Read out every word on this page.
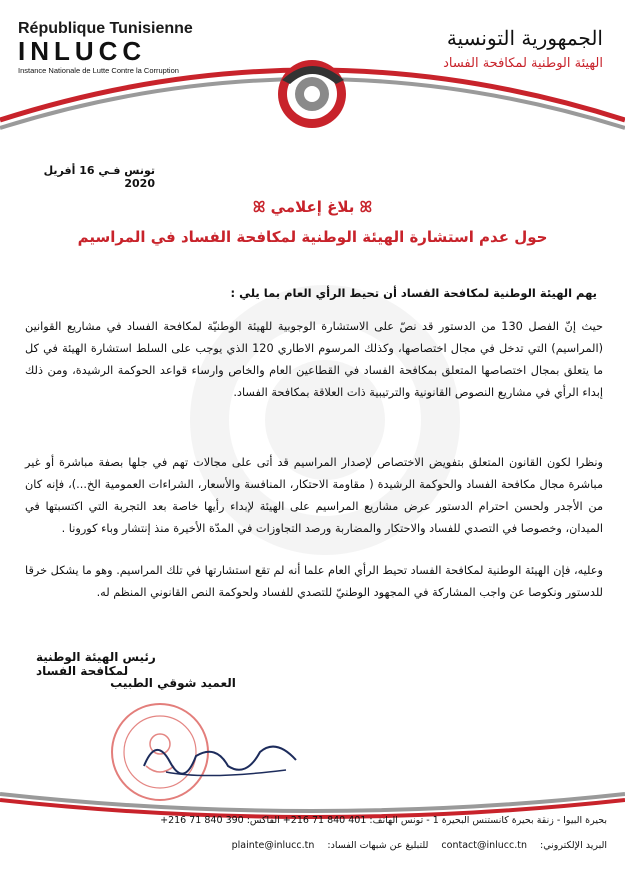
République Tunisienne
INLUCC
Instance Nationale de Lutte Contre la Corruption
الجمهورية التونسية
الهيئة الوطنية لمكافحة الفساد
تونس فـي 16 أفريل 2020
ꕤ بلاغ إعلامي ꕤ
حول عدم استشارة الهيئة الوطنية لمكافحة الفساد في المراسيم
يهم الهيئة الوطنية لمكافحة الفساد أن تحيط الرأي العام بما يلي :
حيث إنّ الفصل 130 من الدستور قد نصّ على الاستشارة الوجوبية للهيئة الوطنيّة لمكافحة الفساد في مشاريع القوانين (المراسيم) التي تدخل في مجال اختصاصها، وكذلك المرسوم الاطاري 120 الذي يوجب على السلط استشارة الهيئة في كل ما يتعلق بمجال اختصاصها المتعلق بمكافحة الفساد في القطاعين العام والخاص وارساء قواعد الحوكمة الرشيدة، ومن ذلك إبداء الرأي في مشاريع النصوص القانونية والترتيبية ذات العلاقة بمكافحة الفساد.
ونظرا لكون القانون المتعلق بتفويض الاختصاص لإصدار المراسيم قد أتى على مجالات تهم في جلها بصفة مباشرة أو غير مباشرة مجال مكافحة الفساد والحوكمة الرشيدة ( مقاومة الاحتكار، المنافسة والأسعار، الشراءات العمومية الخ...)، فإنه كان من الأجدر ولحسن احترام الدستور عرض مشاريع المراسيم على الهيئة لإبداء رأيها خاصة بعد التجربة التي اكتسبتها في الميدان، وخصوصا في التصدي للفساد والاحتكار والمضاربة ورصد التجاوزات في المدّة الأخيرة منذ إنتشار وباء كورونا .
وعليه، فإن الهيئة الوطنية لمكافحة الفساد تحيط الرأي العام علما أنه لم تقع استشارتها في تلك المراسيم. وهو ما يشكل خرقا للدستور ونكوصا عن واجب المشاركة في المجهود الوطنيّ للتصدي للفساد ولحوكمة النص القانوني المنظم له.
رئيس الهيئة الوطنية لمكافحة الفساد
العميد شوقي الطبيب
بحيرة البيوا - زنقة بحيرة كانستنس البحيرة 1 - تونس الهاتف: 401 840 71 216+ الفاكس: 390 840 71 216+
البريد الإلكتروني: contact@inlucc.tn للتبليغ عن شبهات الفساد: plainte@inlucc.tn
